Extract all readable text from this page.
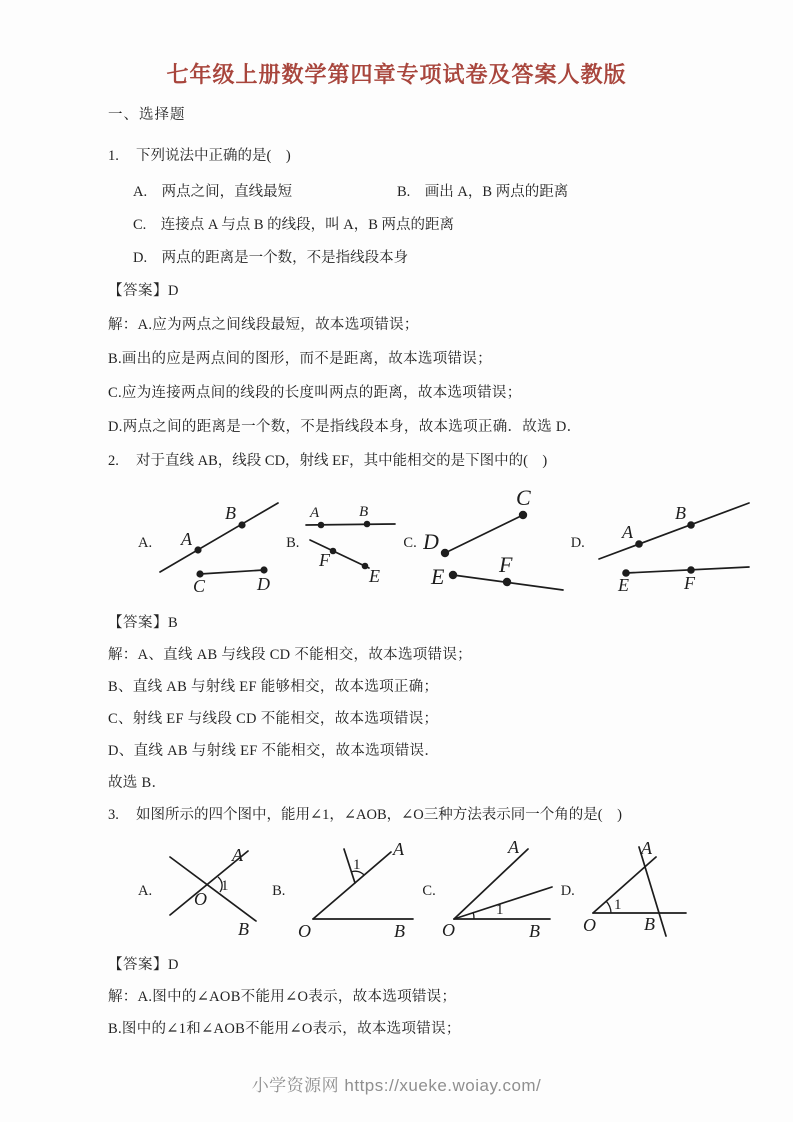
七年级上册数学第四章专项试卷及答案人教版

一、选择题

1. 下列说法中正确的是(　)

A.　两点之间，直线最短	B.　画出 A，B 两点的距离

C.　连接点 A 与点 B 的线段，叫 A，B 两点的距离

D.　两点的距离是一个数，不是指线段本身

【答案】D

解：A.应为两点之间线段最短，故本选项错误；

B.画出的应是两点间的图形，而不是距离，故本选项错误；

C.应为连接两点间的线段的长度叫两点的距离，故本选项错误；

D.两点之间的距离是一个数，不是指线段本身，故本选项正确．故选 D．

2. 对于直线 AB，线段 CD，射线 EF，其中能相交的是下图中的(　)

A. A
B
C	D
B.
A	B
F
E
C. D
C
E F
D.
A
B
E	F

【答案】B

解：A、直线 AB 与线段 CD 不能相交，故本选项错误；

B、直线 AB 与射线 EF 能够相交，故本选项正确；

C、射线 EF 与线段 CD 不能相交，故本选项错误；

D、直线 AB 与射线 EF 不能相交，故本选项错误．

故选 B．

3. 如图所示的四个图中，能用∠1，∠AOB，∠O三种方法表示同一个角的是(　)

A.
A
B
O
1	B.
1
A
B
O
C.
1
A
B
O
D.
1
A
B
O

【答案】D

解：A.图中的∠AOB不能用∠O表示，故本选项错误；

B.图中的∠1和∠AOB不能用∠O表示，故本选项错误；

小学资源网 https://xueke.woiay.com/
